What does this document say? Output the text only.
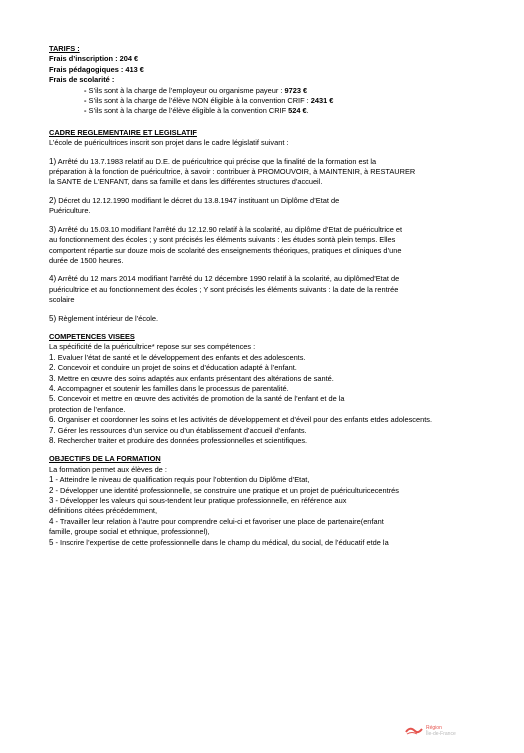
TARIFS :

Frais d’inscription : 204 €

Frais pédagogiques : 413 €

Frais de scolarité :

- S’ils sont à la charge de l’employeur ou organisme payeur : 9723 €

- S’ils sont à la charge de l’élève NON éligible à la convention CRIF : 2431 €

- S’ils sont à la charge de l’élève éligible à la convention CRIF 524 €.

CADRE REGLEMENTAIRE ET LEGISLATIF

L’école de puéricultrices inscrit son projet dans le cadre législatif suivant :

1) Arrêté du 13.7.1983 relatif au D.E. de puéricultrice qui précise que la finalité de la formation est la

préparation à la fonction de puéricultrice, à savoir : contribuer à PROMOUVOIR, à MAINTENIR, à RESTAURER

la SANTE de L'ENFANT, dans sa famille et dans les différentes structures d'accueil.

2) Décret du 12.12.1990 modifiant le décret du 13.8.1947 instituant un Diplôme d’Etat de

Puériculture.

3) Arrêté du 15.03.10 modifiant l’arrêté du 12.12.90 relatif à la scolarité, au diplôme d’Etat de puéricultrice et

au fonctionnement des écoles ; y sont précisés les éléments suivants : les études sontà plein temps. Elles

comportent répartie sur douze mois de scolarité des enseignements théoriques, pratiques et cliniques d’une

durée de 1500 heures.

4) Arrêté du 12 mars 2014 modifiant l’arrêté du 12 décembre 1990 relatif à la scolarité, au diplômed’Etat de

puéricultrice et au fonctionnement des écoles ; Y sont précisés les éléments suivants : la date de la rentrée

scolaire

5) Règlement intérieur de l’école.

COMPETENCES VISEES

La spécificité de la puéricultrice* repose sur ses compétences :

1. Evaluer l’état de santé et le développement des enfants et des adolescents.

2. Concevoir et conduire un projet de soins et d’éducation adapté à l’enfant.

3. Mettre en œuvre des soins adaptés aux enfants présentant des altérations de santé.

4. Accompagner et soutenir les familles dans le processus de parentalité.

5. Concevoir et mettre en œuvre des activités de promotion de la santé de l’enfant et de la

protection de l’enfance.

6. Organiser et coordonner les soins et les activités de développement et d’éveil pour des enfants etdes adolescents.

7. Gérer les ressources d’un service ou d’un établissement d’accueil d’enfants.

8. Rechercher traiter et produire des données professionnelles et scientifiques.

OBJECTIFS DE LA FORMATION

La formation permet aux élèves de :

1 - Atteindre le niveau de qualification requis pour l’obtention du Diplôme d’Etat,

2 - Développer une identité professionnelle, se construire une pratique et un projet de puériculturicecentrés

3 - Développer les valeurs qui sous-tendent leur pratique professionnelle, en référence aux

définitions citées précédemment,

4 - Travailler leur relation à l’autre pour comprendre celui-ci et favoriser une place de partenaire(enfant

famille, groupe social et ethnique, professionnel),

5 - Inscrire l’expertise de cette professionnelle dans le champ du médical, du social, de l’éducatif etde la

Région
Île-de-France
